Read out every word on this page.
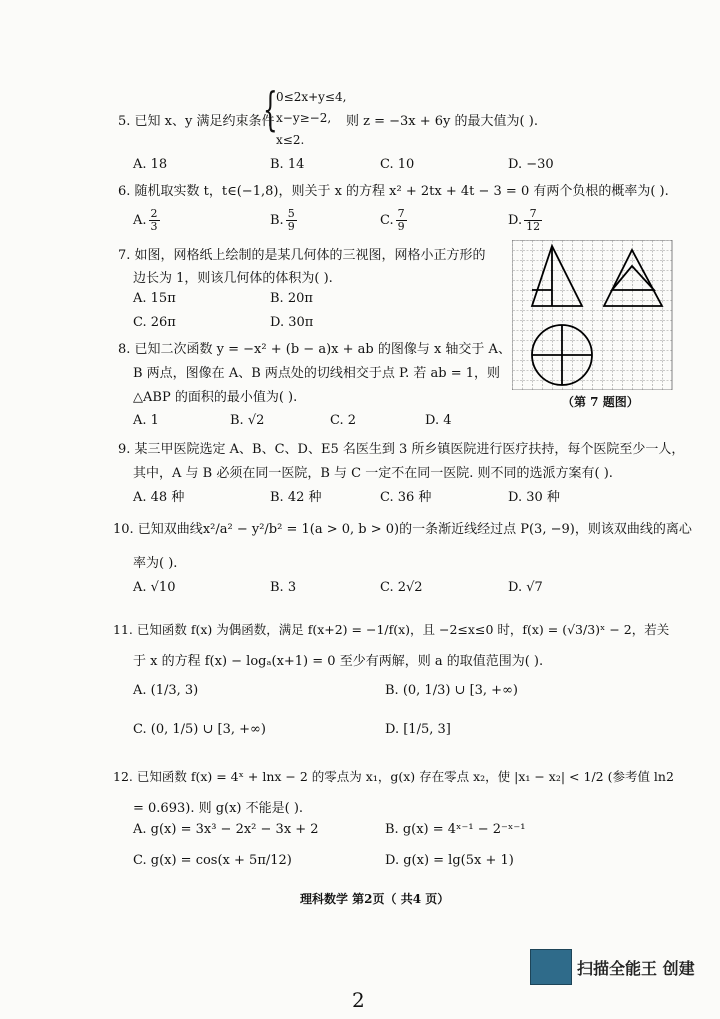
5. 已知 x、y 满足约束条件
{
0≤2x+y≤4,
x−y≥−2,
x≤2.
则 z = −3x + 6y 的最大值为( ).
A. 18	B. 14	C. 10	D. −30
6. 随机取实数 t，t∈(−1,8)，则关于 x 的方程 x² + 2tx + 4t − 3 = 0 有两个负根的概率为( ).
A. $\frac{2}{3}$	B. $\frac{5}{9}$	C. $\frac{7}{9}$	D. $\frac{7}{12}$
7. 如图，网格纸上绘制的是某几何体的三视图，网格小正方形的
边长为 1，则该几何体的体积为( ).
A. 15π	B. 20π
C. 26π	D. 30π
（第 7 题图）
8. 已知二次函数 y = −x² + (b − a)x + ab 的图像与 x 轴交于 A、
B 两点，图像在 A、B 两点处的切线相交于点 P. 若 ab = 1，则
△ABP 的面积的最小值为( ).
A. 1	B. √2	C. 2	D. 4
9. 某三甲医院选定 A、B、C、D、E5 名医生到 3 所乡镇医院进行医疗扶持，每个医院至少一人，
其中，A 与 B 必须在同一医院，B 与 C 一定不在同一医院. 则不同的选派方案有( ).
A. 48 种	B. 42 种	C. 36 种	D. 30 种
10. 已知双曲线x²/a² − y²/b² = 1(a > 0, b > 0)的一条渐近线经过点 P(3, −9)，则该双曲线的离心
率为( ).
A. √10	B. 3	C. 2√2	D. √7
11. 已知函数 f(x) 为偶函数，满足 f(x+2) = −1/f(x)，且 −2≤x≤0 时，f(x) = (√3/3)ˣ − 2，若关
于 x 的方程 f(x) − logₐ(x+1) = 0 至少有两解，则 a 的取值范围为( ).
A. (1/3, 3)	B. (0, 1/3) ∪ [3, +∞)
C. (0, 1/5) ∪ [3, +∞)	D. [1/5, 3]
12. 已知函数 f(x) = 4ˣ + lnx − 2 的零点为 x₁，g(x) 存在零点 x₂，使 |x₁ − x₂| < 1/2 (参考值 ln2
= 0.693). 则 g(x) 不能是( ).
A. g(x) = 3x³ − 2x² − 3x + 2	B. g(x) = 4ˣ⁻¹ − 2⁻ˣ⁻¹
C. g(x) = cos(x + 5π/12)	D. g(x) = lg(5x + 1)
理科数学 第2页（ 共4 页）
扫描全能王 创建
2
